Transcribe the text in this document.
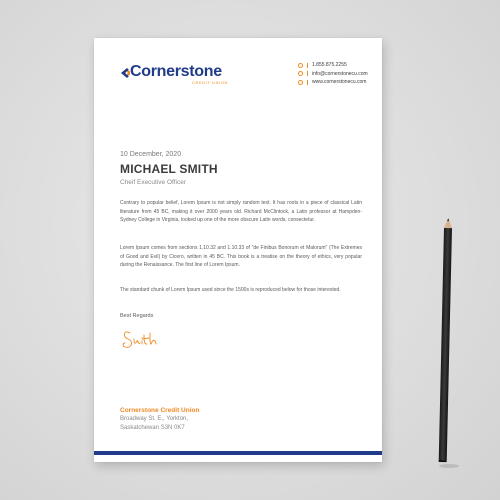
Cornerstone
CREDIT UNION
1.855.875.2255
info@cornerstonecu.com
www.cornerstonecu.com
10 December, 2020
MICHAEL SMITH
Cheif Executive Officer

Contrary to popular belief, Lorem Ipsum is not simply random text. It has roots in a piece of classical Latin literature from 45 BC, making it over 2000 years old. Richard McClintock, a Latin professor at Hampden-Sydney College in Virginia, looked up one of the more obscure Latin words, consectetur.

Lorem Ipsum comes from sections 1.10.32 and 1.10.33 of "de Finibus Bonorum et Malorum" (The Extremes of Good and Evil) by Cicero, written in 45 BC. This book is a treatise on the theory of ethics, very popular during the Renaissance. The first line of Lorem Ipsum.

The standard chunk of Lorem Ipsum used since the 1500s is reproduced below for those interested.

Best Regards
Cornerstone Credit Union
Broadway St. E., Yorkton,
Saskatchewan S3N 0K7
